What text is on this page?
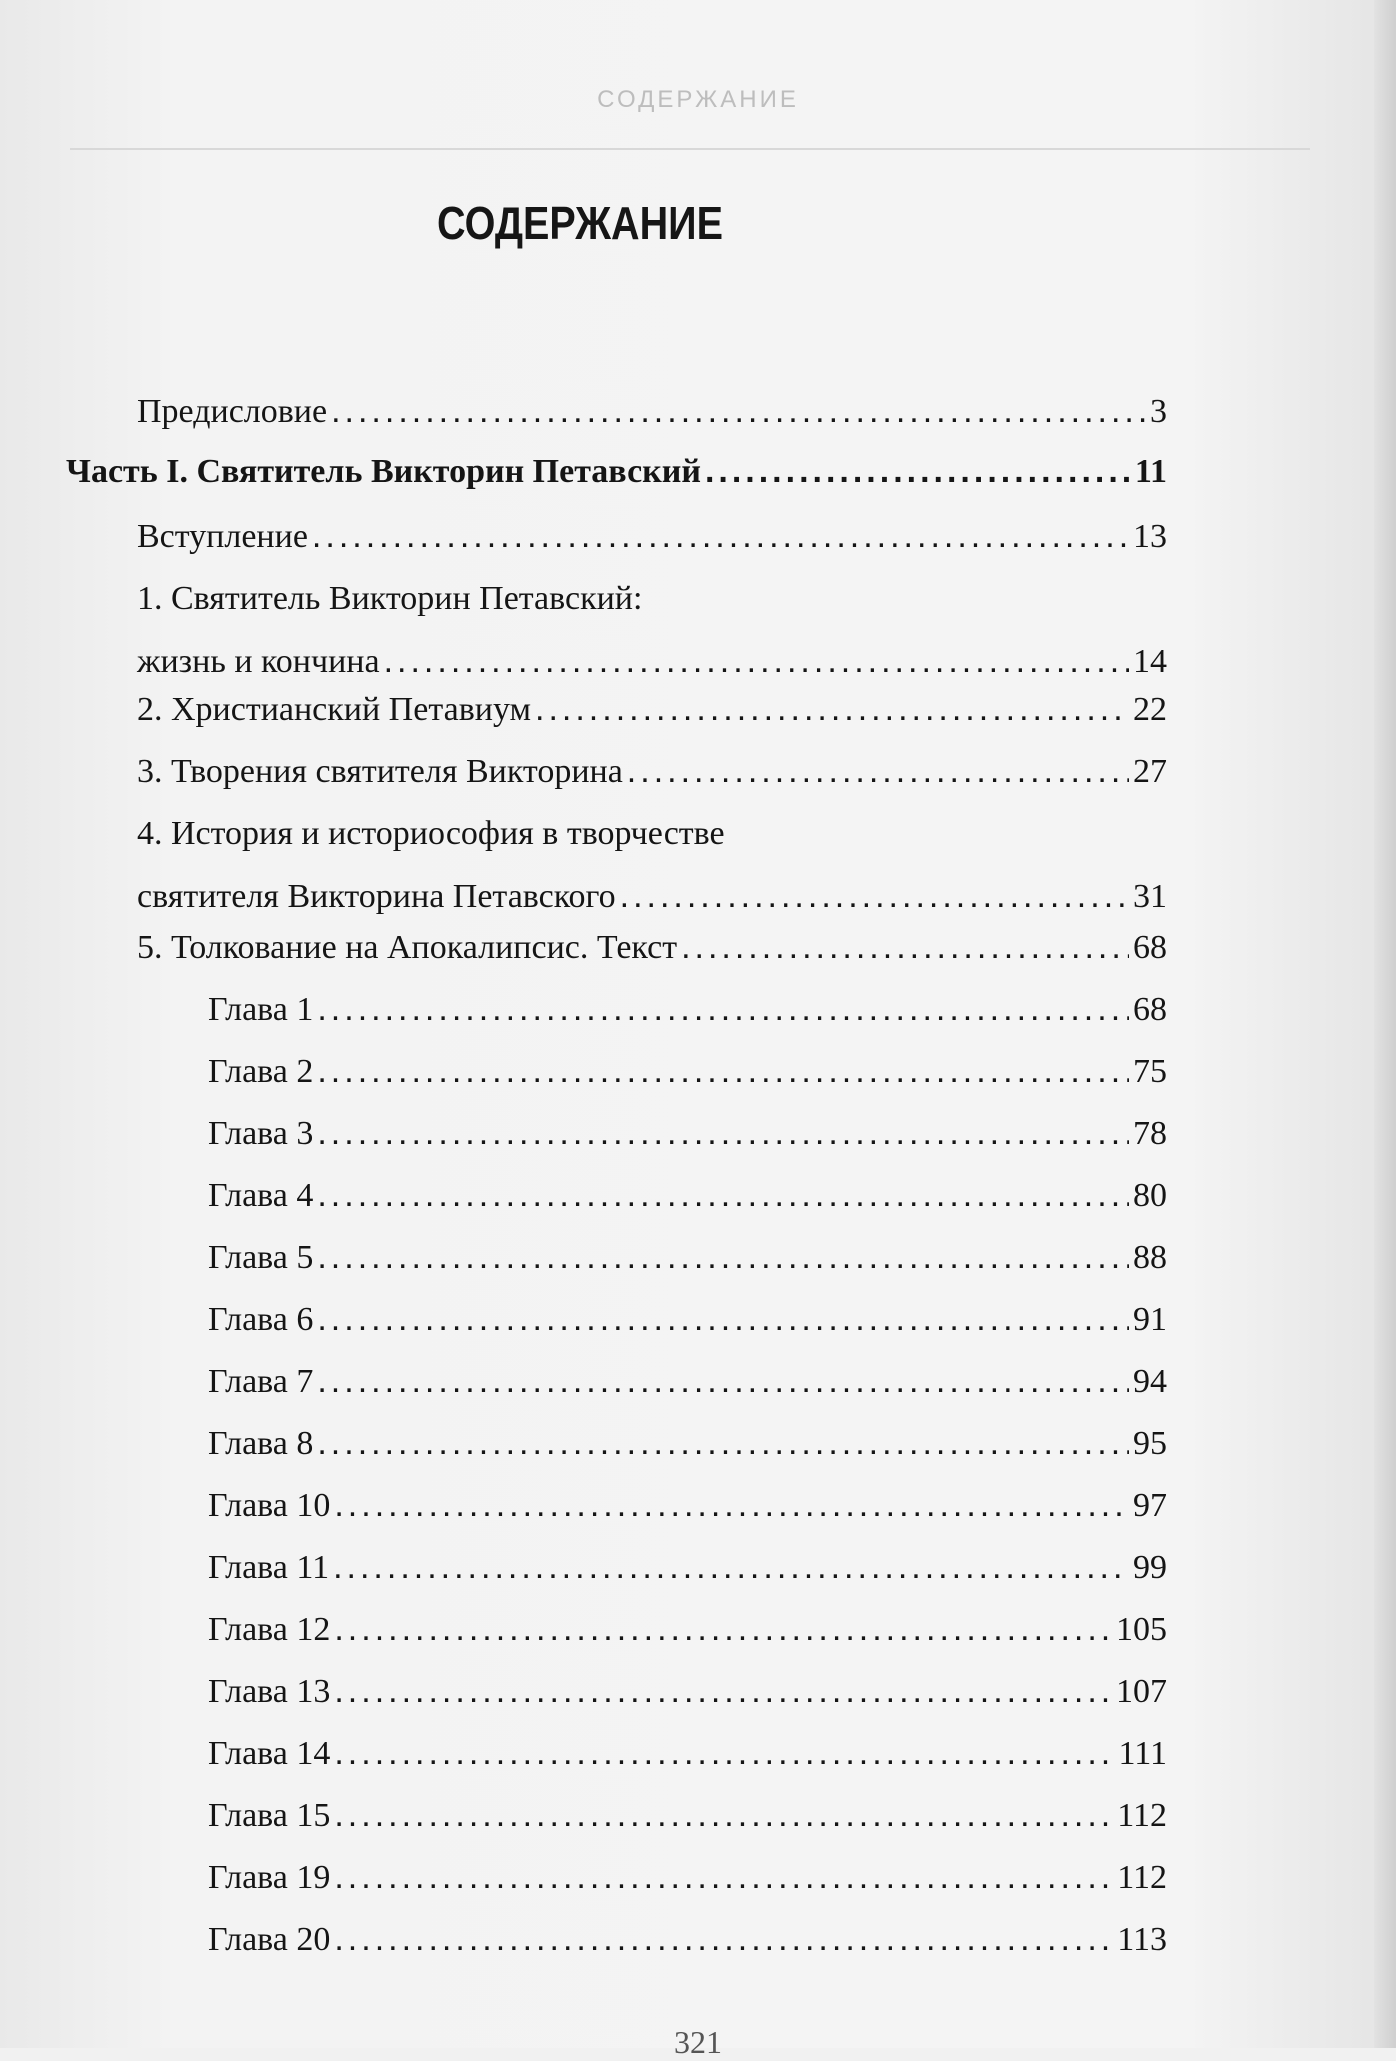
СОДЕРЖАНИЕ
СОДЕРЖАНИЕ
Предисловие .....	3
Часть I. Святитель Викторин Петавский .....	11
Вступление .....	13
1. Святитель Викторин Петавский:
жизнь и кончина .....	14
2. Христианский Петавиум .....	22
3. Творения святителя Викторина .....	27
4. История и историософия в творчестве
святителя Викторина Петавского .....	31
5. Толкование на Апокалипсис. Текст .....	68
Глава 1 .....	68
Глава 2 .....	75
Глава 3 .....	78
Глава 4 .....	80
Глава 5 .....	88
Глава 6 .....	91
Глава 7 .....	94
Глава 8 .....	95
Глава 10 .....	97
Глава 11 .....	99
Глава 12 .....	105
Глава 13 .....	107
Глава 14 .....	111
Глава 15 .....	112
Глава 19 .....	112
Глава 20 .....	113
321
